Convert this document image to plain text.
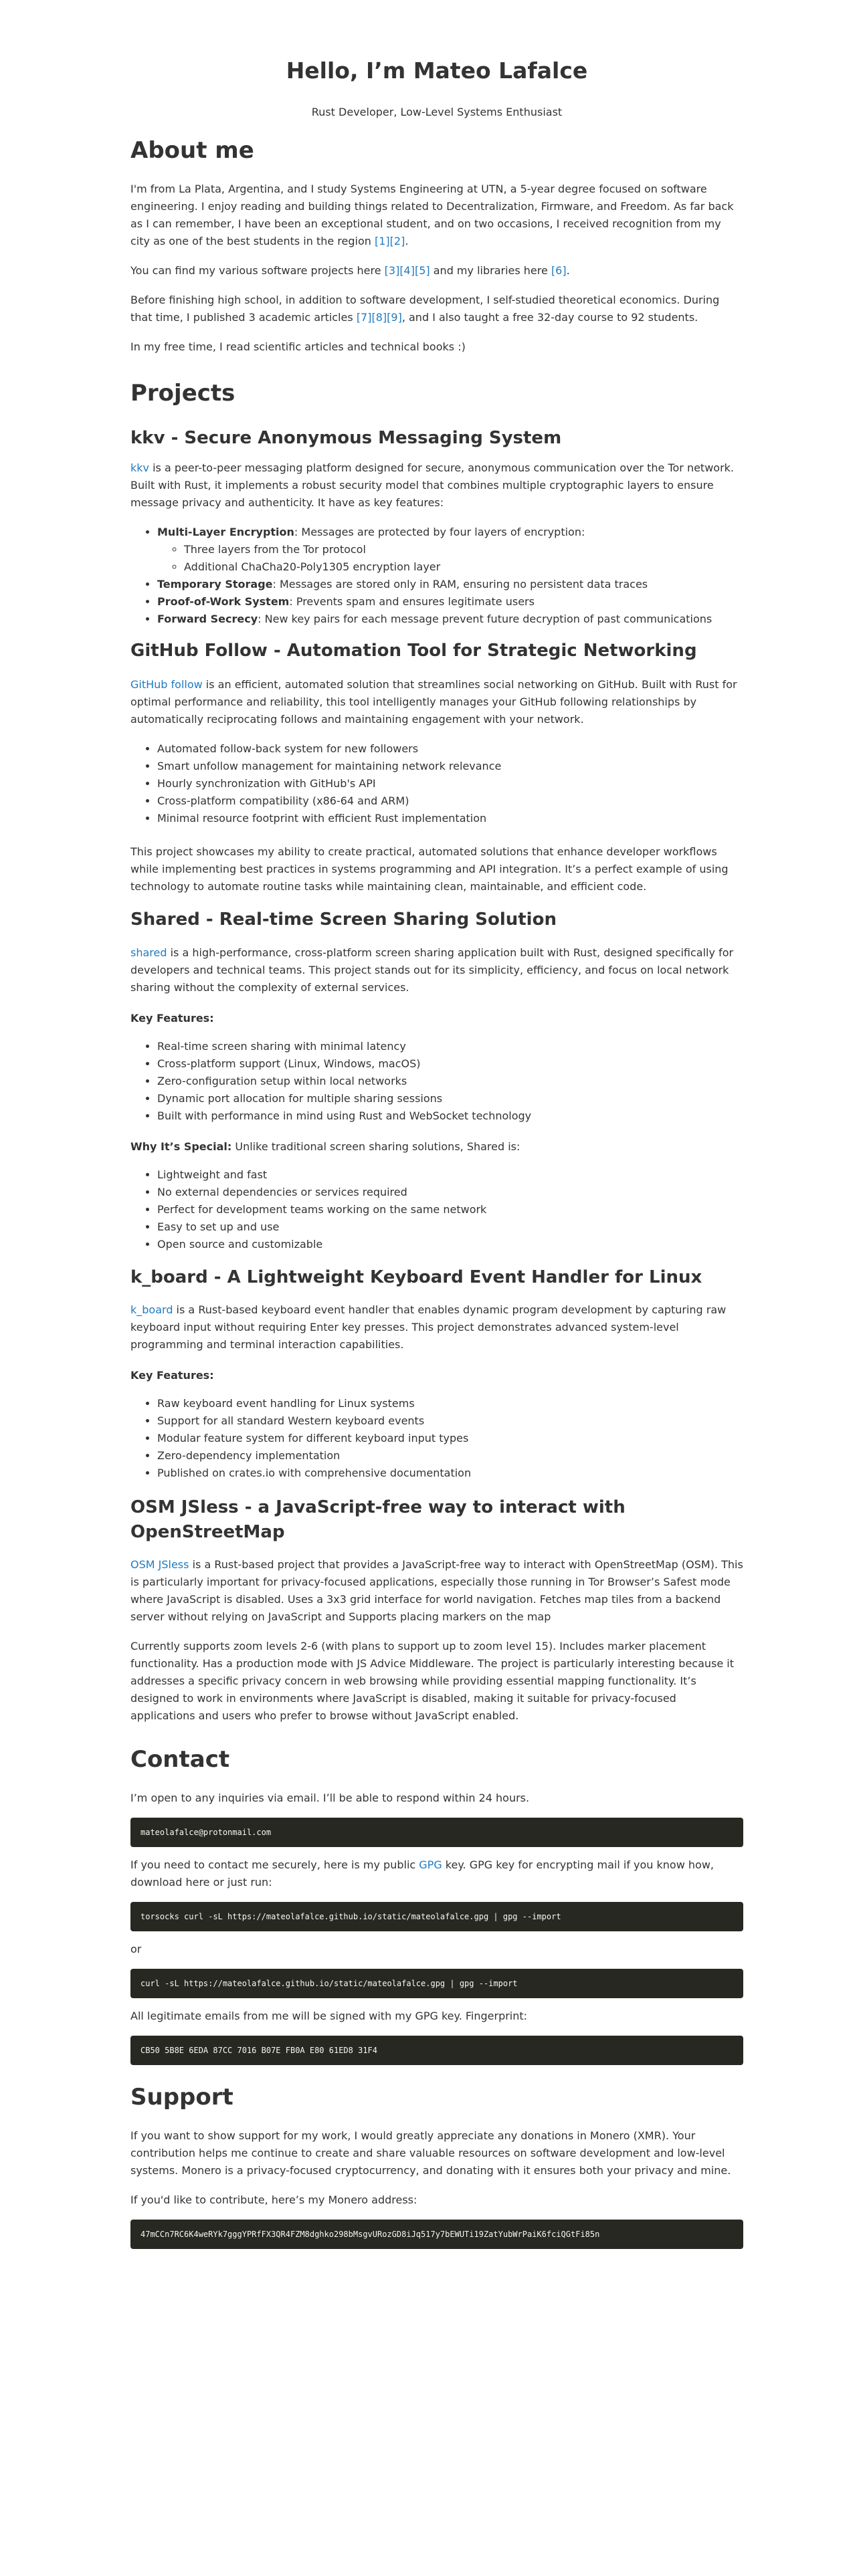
Hello, I’m Mateo Lafalce
Rust Developer, Low-Level Systems Enthusiast
About me

I'm from La Plata, Argentina, and I study Systems Engineering at UTN, a 5-year degree focused on software engineering. I enjoy reading and building things related to Decentralization, Firmware, and Freedom. As far back as I can remember, I have been an exceptional student, and on two occasions, I received recognition from my city as one of the best students in the region [1][2].

You can find my various software projects here [3][4][5] and my libraries here [6].

Before finishing high school, in addition to software development, I self-studied theoretical economics. During that time, I published 3 academic articles [7][8][9], and I also taught a free 32-day course to 92 students.

In my free time, I read scientific articles and technical books :)

Projects
kkv - Secure Anonymous Messaging System

kkv is a peer-to-peer messaging platform designed for secure, anonymous communication over the Tor network. Built with Rust, it implements a robust security model that combines multiple cryptographic layers to ensure message privacy and authenticity. It have as key features:

• Multi-Layer Encryption: Messages are protected by four layers of encryption:
◦ Three layers from the Tor protocol
◦ Additional ChaCha20-Poly1305 encryption layer
• Temporary Storage: Messages are stored only in RAM, ensuring no persistent data traces
• Proof-of-Work System: Prevents spam and ensures legitimate users
• Forward Secrecy: New key pairs for each message prevent future decryption of past communications
GitHub Follow - Automation Tool for Strategic Networking

GitHub follow is an efficient, automated solution that streamlines social networking on GitHub. Built with Rust for optimal performance and reliability, this tool intelligently manages your GitHub following relationships by automatically reciprocating follows and maintaining engagement with your network.

• Automated follow-back system for new followers
• Smart unfollow management for maintaining network relevance
• Hourly synchronization with GitHub's API
• Cross-platform compatibility (x86-64 and ARM)
• Minimal resource footprint with efficient Rust implementation

This project showcases my ability to create practical, automated solutions that enhance developer workflows while implementing best practices in systems programming and API integration. It’s a perfect example of using technology to automate routine tasks while maintaining clean, maintainable, and efficient code.

Shared - Real-time Screen Sharing Solution

shared is a high-performance, cross-platform screen sharing application built with Rust, designed specifically for developers and technical teams. This project stands out for its simplicity, efficiency, and focus on local network sharing without the complexity of external services.

Key Features:

• Real-time screen sharing with minimal latency
• Cross-platform support (Linux, Windows, macOS)
• Zero-configuration setup within local networks
• Dynamic port allocation for multiple sharing sessions
• Built with performance in mind using Rust and WebSocket technology

Why It’s Special: Unlike traditional screen sharing solutions, Shared is:

• Lightweight and fast
• No external dependencies or services required
• Perfect for development teams working on the same network
• Easy to set up and use
• Open source and customizable
k_board - A Lightweight Keyboard Event Handler for Linux

k_board is a Rust-based keyboard event handler that enables dynamic program development by capturing raw keyboard input without requiring Enter key presses. This project demonstrates advanced system-level programming and terminal interaction capabilities.

Key Features:

• Raw keyboard event handling for Linux systems
• Support for all standard Western keyboard events
• Modular feature system for different keyboard input types
• Zero-dependency implementation
• Published on crates.io with comprehensive documentation
OSM JSless - a JavaScript-free way to interact with
OpenStreetMap

OSM JSless is a Rust-based project that provides a JavaScript-free way to interact with OpenStreetMap (OSM). This is particularly important for privacy-focused applications, especially those running in Tor Browser’s Safest mode where JavaScript is disabled. Uses a 3x3 grid interface for world navigation. Fetches map tiles from a backend server without relying on JavaScript and Supports placing markers on the map

Currently supports zoom levels 2-6 (with plans to support up to zoom level 15). Includes marker placement functionality. Has a production mode with JS Advice Middleware. The project is particularly interesting because it addresses a specific privacy concern in web browsing while providing essential mapping functionality. It’s designed to work in environments where JavaScript is disabled, making it suitable for privacy-focused applications and users who prefer to browse without JavaScript enabled.

Contact

I’m open to any inquiries via email. I’ll be able to respond within 24 hours.

mateolafalce@protonmail.com

If you need to contact me securely, here is my public GPG key. GPG key for encrypting mail if you know how, download here or just run:

torsocks curl -sL https://mateolafalce.github.io/static/mateolafalce.gpg | gpg --import

or

curl -sL https://mateolafalce.github.io/static/mateolafalce.gpg | gpg --import

All legitimate emails from me will be signed with my GPG key. Fingerprint:

CB50 5B8E 6EDA 87CC 7016 B07E FB0A E80 61ED8 31F4
Support

If you want to show support for my work, I would greatly appreciate any donations in Monero (XMR). Your contribution helps me continue to create and share valuable resources on software development and low-level systems. Monero is a privacy-focused cryptocurrency, and donating with it ensures both your privacy and mine.

If you'd like to contribute, here’s my Monero address:

47mCCn7RC6K4weRYk7gggYPRfFX3QR4FZM8dghko298bMsgvURozGD8iJq517y7bEWUTi19ZatYubWrPaiK6fciQGtFi85n
